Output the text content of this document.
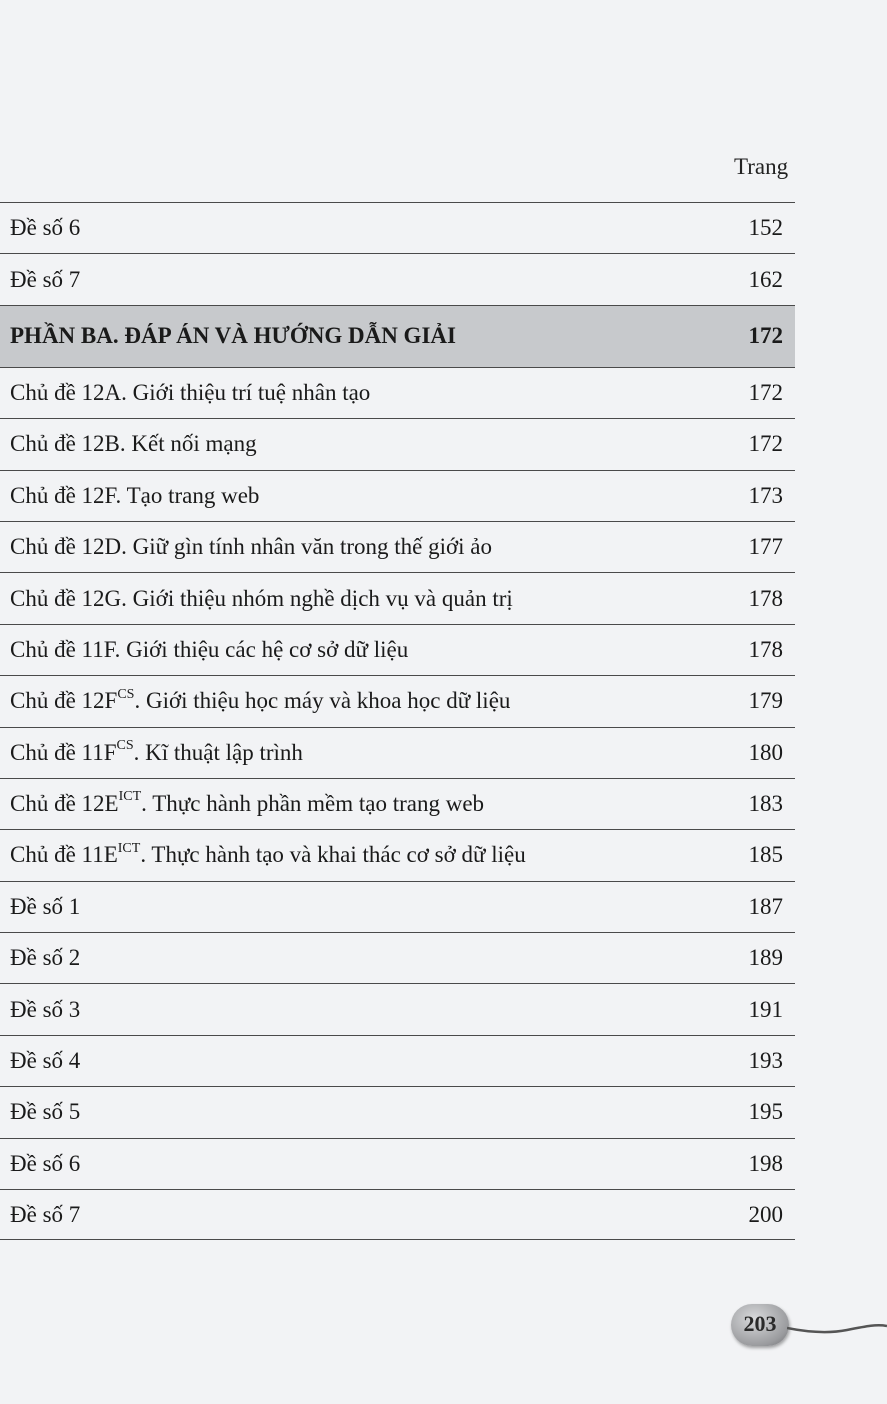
Trang
Đề số 6	152
Đề số 7	162
PHẦN BA. ĐÁP ÁN VÀ HƯỚNG DẪN GIẢI	172
Chủ đề 12A. Giới thiệu trí tuệ nhân tạo	172
Chủ đề 12B. Kết nối mạng	172
Chủ đề 12F. Tạo trang web	173
Chủ đề 12D. Giữ gìn tính nhân văn trong thế giới ảo	177
Chủ đề 12G. Giới thiệu nhóm nghề dịch vụ và quản trị	178
Chủ đề 11F. Giới thiệu các hệ cơ sở dữ liệu	178
Chủ đề $12F^{CS}$. Giới thiệu học máy và khoa học dữ liệu	179
Chủ đề $11F^{CS}$. Kĩ thuật lập trình	180
Chủ đề $12E^{ICT}$. Thực hành phần mềm tạo trang web	183
Chủ đề $11E^{ICT}$. Thực hành tạo và khai thác cơ sở dữ liệu	185
Đề số 1	187
Đề số 2	189
Đề số 3	191
Đề số 4	193
Đề số 5	195
Đề số 6	198
Đề số 7	200
203
